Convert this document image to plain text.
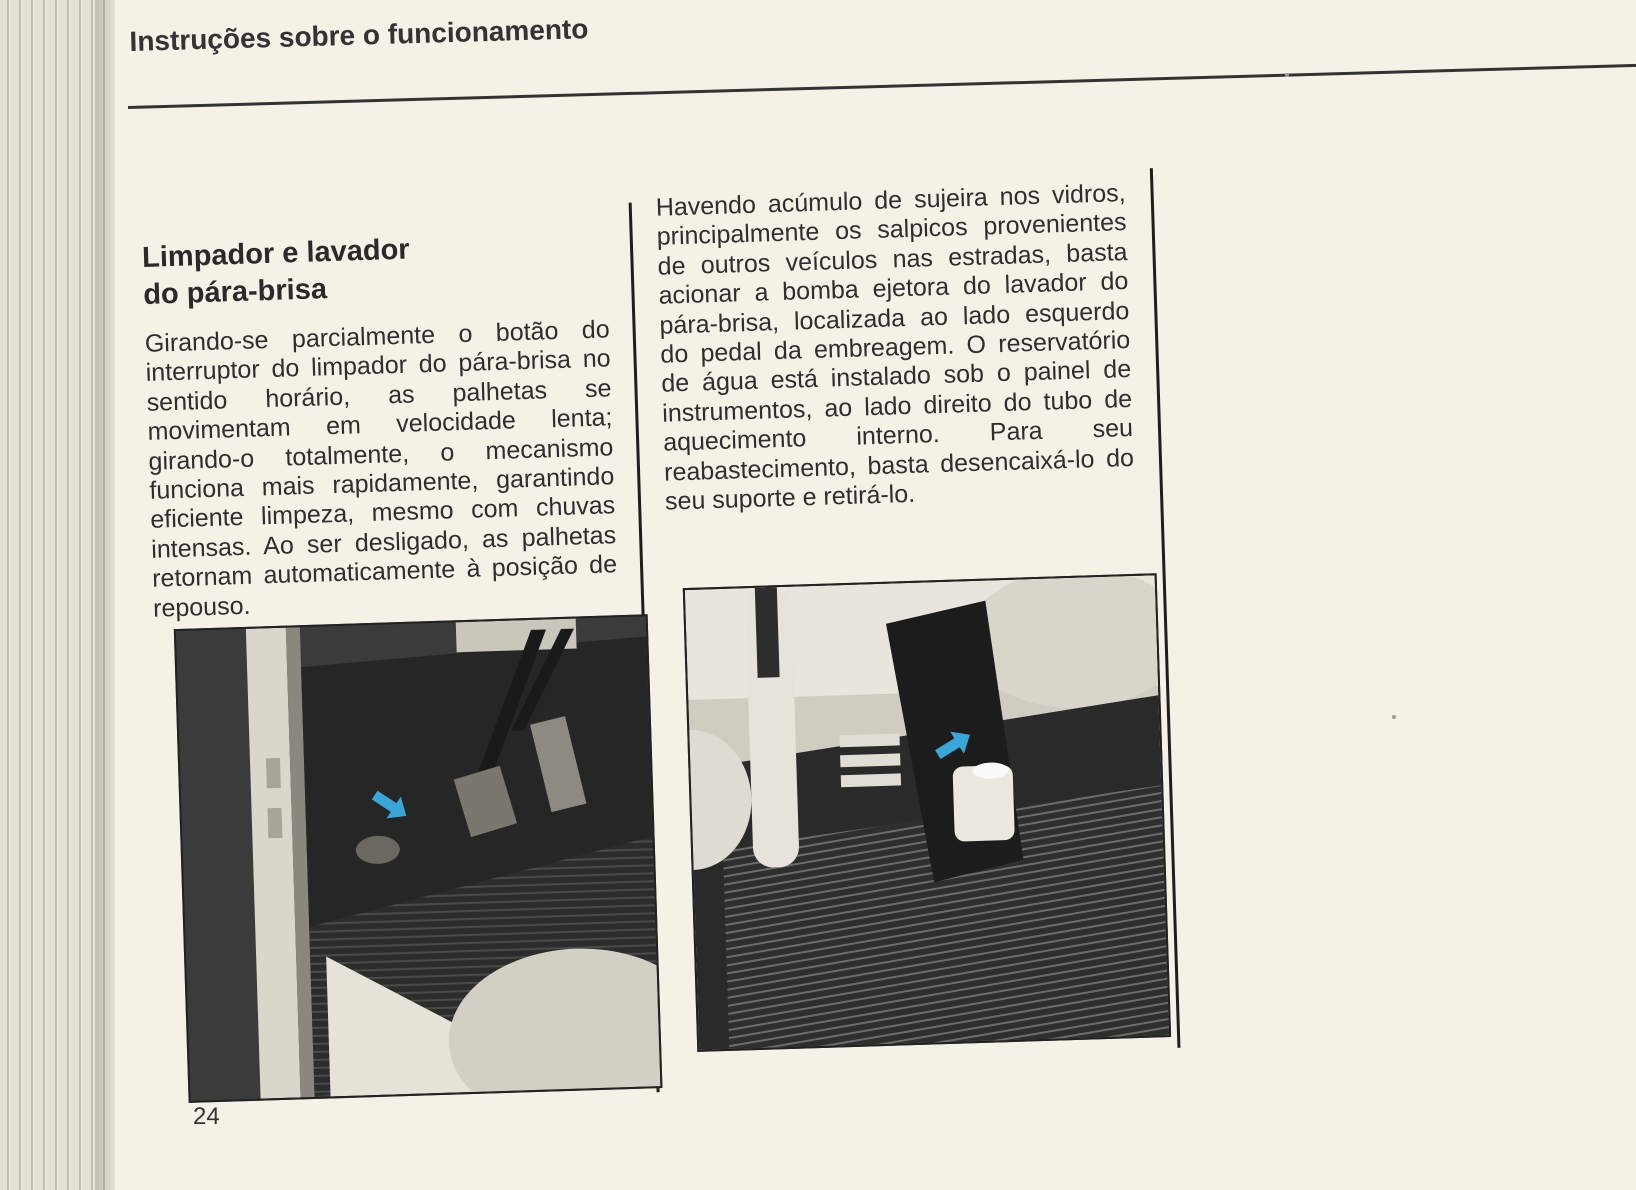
Instruções sobre o funcionamento
Limpador e lavador
do pára-brisa

Girando-se parcialmente o botão do interruptor do limpador do pára-brisa no sentido horário, as palhetas se movimentam em velocidade lenta; girando-o totalmente, o mecanismo funciona mais rapidamente, garantindo eficiente limpeza, mesmo com chuvas intensas. Ao ser desligado, as palhetas retornam automaticamente à posição de repouso.

Havendo acúmulo de sujeira nos vidros, principalmente os salpicos provenientes de outros veículos nas estradas, basta acionar a bomba ejetora do lavador do pára-brisa, localizada ao lado esquerdo do pedal da embreagem. O reservatório de água está instalado sob o painel de instrumentos, ao lado direito do tubo de aquecimento interno. Para seu reabastecimento, basta desencaixá-lo do seu suporte e retirá-lo.

24
